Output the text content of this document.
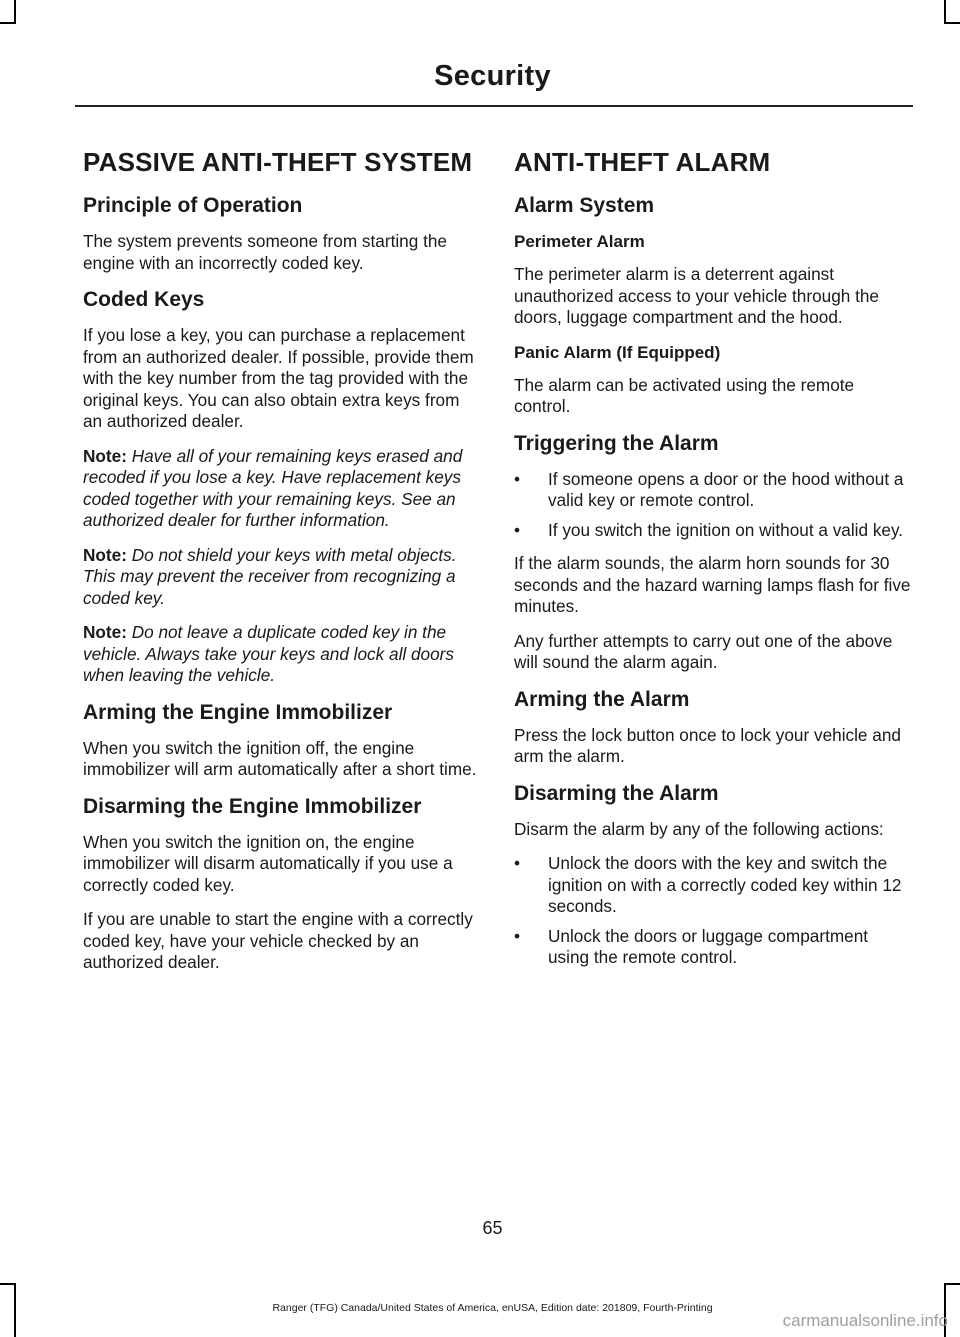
Security
PASSIVE ANTI-THEFT SYSTEM
Principle of Operation

The system prevents someone from starting the engine with an incorrectly coded key.

Coded Keys

If you lose a key, you can purchase a replacement from an authorized dealer. If possible, provide them with the key number from the tag provided with the original keys. You can also obtain extra keys from an authorized dealer.

Note: Have all of your remaining keys erased and recoded if you lose a key. Have replacement keys coded together with your remaining keys. See an authorized dealer for further information.

Note: Do not shield your keys with metal objects. This may prevent the receiver from recognizing a coded key.

Note: Do not leave a duplicate coded key in the vehicle. Always take your keys and lock all doors when leaving the vehicle.

Arming the Engine Immobilizer

When you switch the ignition off, the engine immobilizer will arm automatically after a short time.

Disarming the Engine Immobilizer

When you switch the ignition on, the engine immobilizer will disarm automatically if you use a correctly coded key.

If you are unable to start the engine with a correctly coded key, have your vehicle checked by an authorized dealer.

ANTI-THEFT ALARM
Alarm System
Perimeter Alarm

The perimeter alarm is a deterrent against unauthorized access to your vehicle through the doors, luggage compartment and the hood.

Panic Alarm (If Equipped)

The alarm can be activated using the remote control.

Triggering the Alarm
• If someone opens a door or the hood without a valid key or remote control.
• If you switch the ignition on without a valid key.

If the alarm sounds, the alarm horn sounds for 30 seconds and the hazard warning lamps flash for five minutes.

Any further attempts to carry out one of the above will sound the alarm again.

Arming the Alarm

Press the lock button once to lock your vehicle and arm the alarm.

Disarming the Alarm

Disarm the alarm by any of the following actions:

• Unlock the doors with the key and switch the ignition on with a correctly coded key within 12 seconds.
• Unlock the doors or luggage compartment using the remote control.
65
Ranger (TFG) Canada/United States of America, enUSA, Edition date: 201809, Fourth-Printing
carmanualsonline.info
